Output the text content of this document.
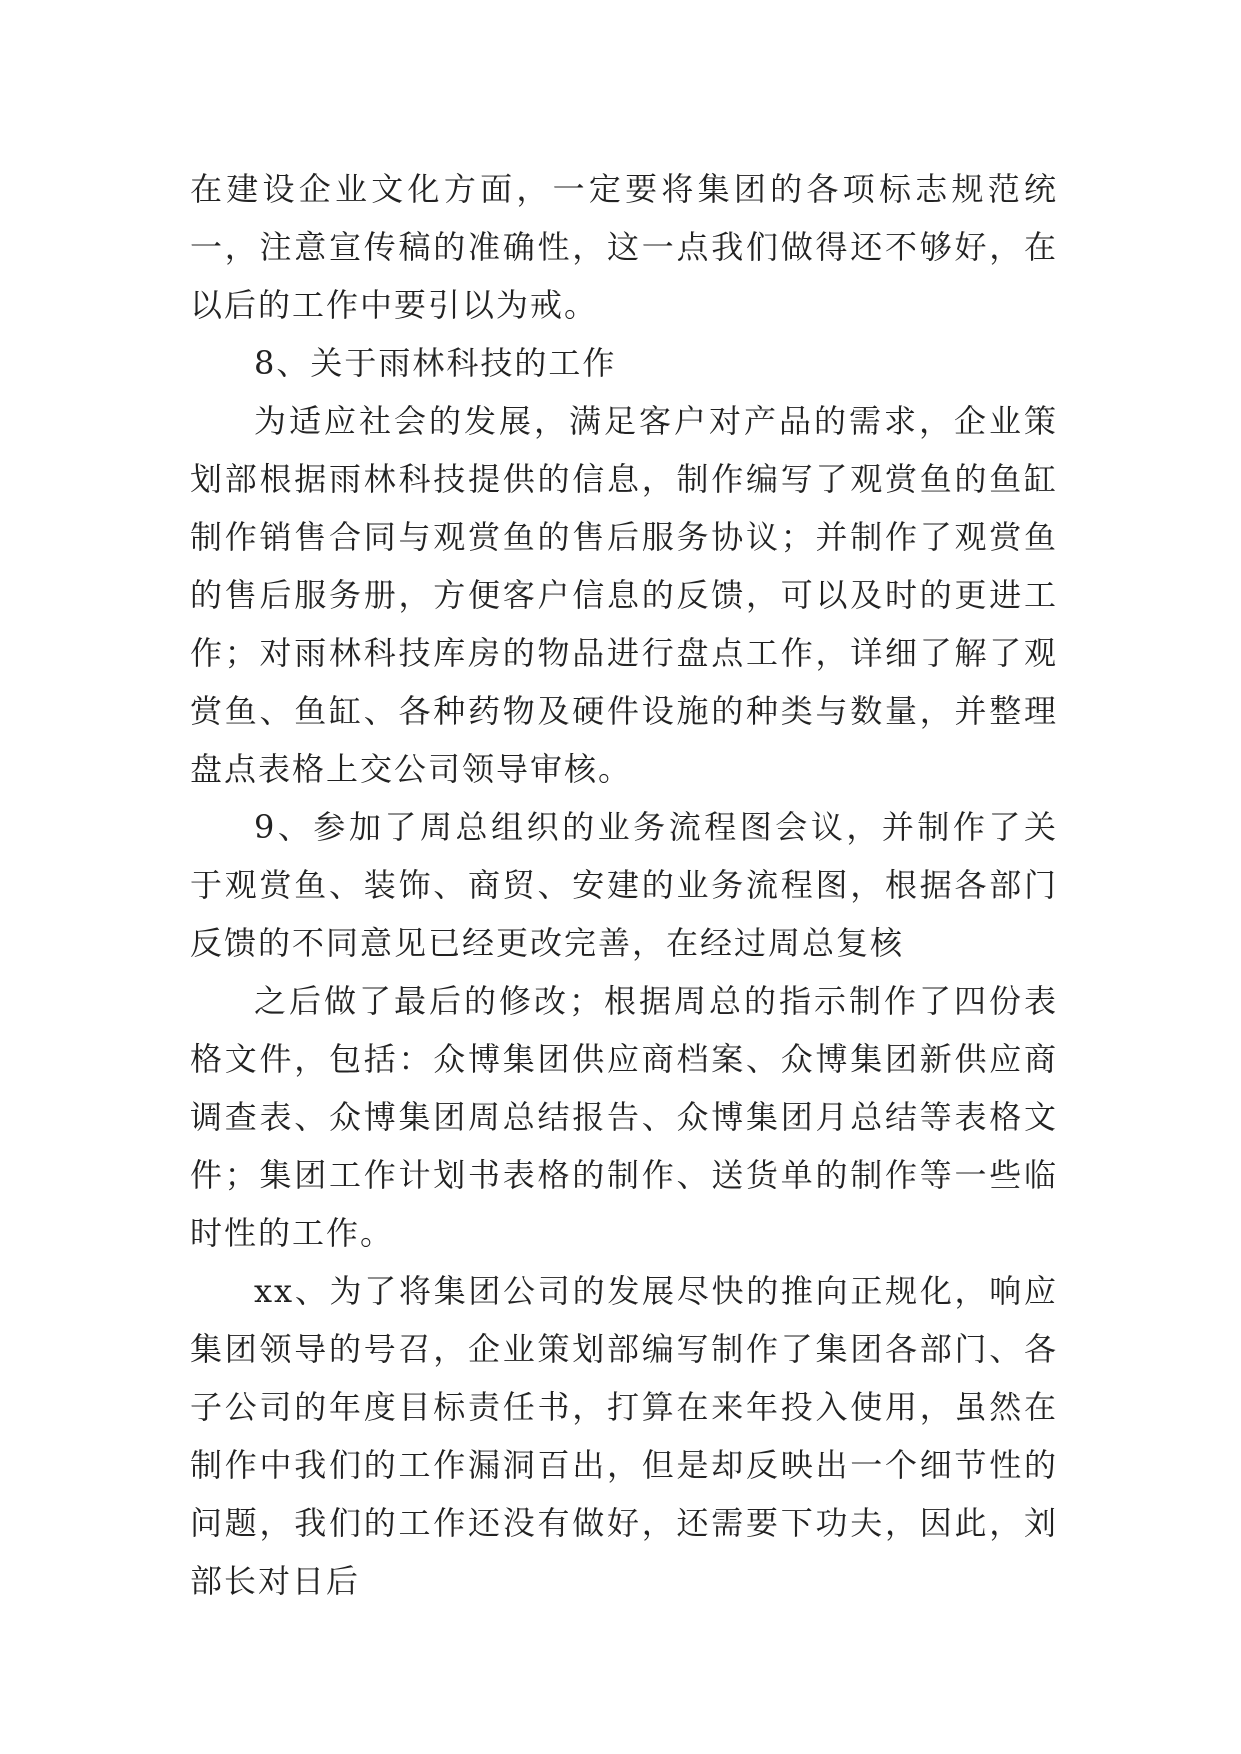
在建设企业文化方面，一定要将集团的各项标志规范统一，注意宣传稿的准确性，这一点我们做得还不够好，在以后的工作中要引以为戒。

8、关于雨林科技的工作

为适应社会的发展，满足客户对产品的需求，企业策划部根据雨林科技提供的信息，制作编写了观赏鱼的鱼缸制作销售合同与观赏鱼的售后服务协议；并制作了观赏鱼的售后服务册，方便客户信息的反馈，可以及时的更进工作；对雨林科技库房的物品进行盘点工作，详细了解了观赏鱼、鱼缸、各种药物及硬件设施的种类与数量，并整理盘点表格上交公司领导审核。

9、参加了周总组织的业务流程图会议，并制作了关于观赏鱼、装饰、商贸、安建的业务流程图，根据各部门反馈的不同意见已经更改完善，在经过周总复核

之后做了最后的修改；根据周总的指示制作了四份表格文件，包括：众博集团供应商档案、众博集团新供应商调查表、众博集团周总结报告、众博集团月总结等表格文件；集团工作计划书表格的制作、送货单的制作等一些临时性的工作。

xx、为了将集团公司的发展尽快的推向正规化，响应集团领导的号召，企业策划部编写制作了集团各部门、各子公司的年度目标责任书，打算在来年投入使用，虽然在制作中我们的工作漏洞百出，但是却反映出一个细节性的问题，我们的工作还没有做好，还需要下功夫，因此，刘部长对日后
